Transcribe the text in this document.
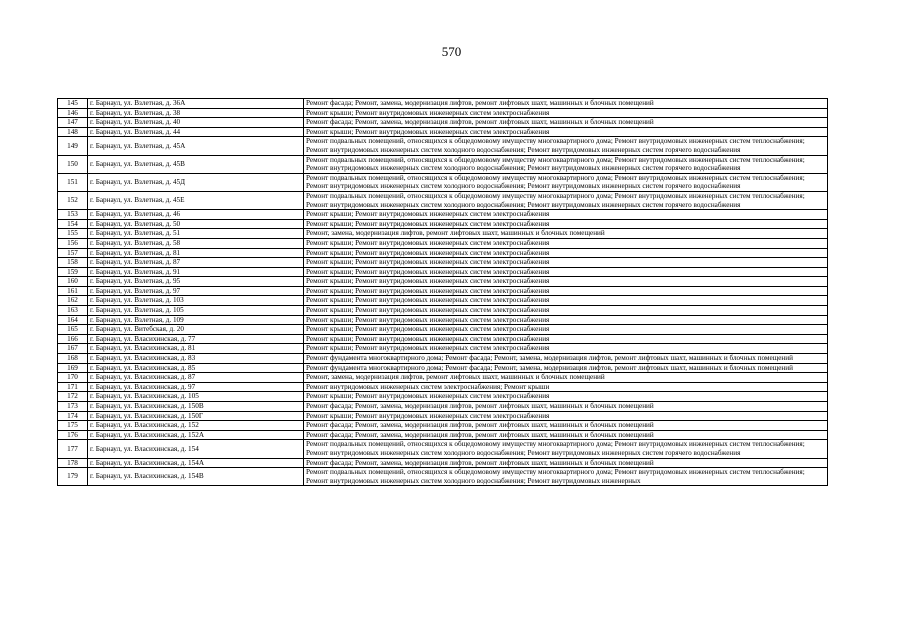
570
145	г. Барнаул, ул. Взлетная, д. 36А	Ремонт фасада; Ремонт, замена, модернизация лифтов, ремонт лифтовых шахт, машинных и блочных помещений
146	г. Барнаул, ул. Взлетная, д. 38	Ремонт крыши; Ремонт внутридомовых инженерных систем электроснабжения
147	г. Барнаул, ул. Взлетная, д. 40	Ремонт фасада; Ремонт, замена, модернизация лифтов, ремонт лифтовых шахт, машинных и блочных помещений
148	г. Барнаул, ул. Взлетная, д. 44	Ремонт крыши; Ремонт внутридомовых инженерных систем электроснабжения
149	г. Барнаул, ул. Взлетная, д. 45А	Ремонт подвальных помещений, относящихся к общедомовому имуществу многоквартирного дома; Ремонт внутридомовых инженерных систем теплоснабжения; Ремонт внутридомовых инженерных систем холодного водоснабжения; Ремонт внутридомовых инженерных систем горячего водоснабжения
150	г. Барнаул, ул. Взлетная, д. 45В	Ремонт подвальных помещений, относящихся к общедомовому имуществу многоквартирного дома; Ремонт внутридомовых инженерных систем теплоснабжения; Ремонт внутридомовых инженерных систем холодного водоснабжения; Ремонт внутридомовых инженерных систем горячего водоснабжения
151	г. Барнаул, ул. Взлетная, д. 45Д	Ремонт подвальных помещений, относящихся к общедомовому имуществу многоквартирного дома; Ремонт внутридомовых инженерных систем теплоснабжения; Ремонт внутридомовых инженерных систем холодного водоснабжения; Ремонт внутридомовых инженерных систем горячего водоснабжения
152	г. Барнаул, ул. Взлетная, д. 45Е	Ремонт подвальных помещений, относящихся к общедомовому имуществу многоквартирного дома; Ремонт внутридомовых инженерных систем теплоснабжения; Ремонт внутридомовых инженерных систем холодного водоснабжения; Ремонт внутридомовых инженерных систем горячего водоснабжения
153	г. Барнаул, ул. Взлетная, д. 46	Ремонт крыши; Ремонт внутридомовых инженерных систем электроснабжения
154	г. Барнаул, ул. Взлетная, д. 50	Ремонт крыши; Ремонт внутридомовых инженерных систем электроснабжения
155	г. Барнаул, ул. Взлетная, д. 51	Ремонт, замена, модернизация лифтов, ремонт лифтовых шахт, машинных и блочных помещений
156	г. Барнаул, ул. Взлетная, д. 58	Ремонт крыши; Ремонт внутридомовых инженерных систем электроснабжения
157	г. Барнаул, ул. Взлетная, д. 81	Ремонт крыши; Ремонт внутридомовых инженерных систем электроснабжения
158	г. Барнаул, ул. Взлетная, д. 87	Ремонт крыши; Ремонт внутридомовых инженерных систем электроснабжения
159	г. Барнаул, ул. Взлетная, д. 91	Ремонт крыши; Ремонт внутридомовых инженерных систем электроснабжения
160	г. Барнаул, ул. Взлетная, д. 95	Ремонт крыши; Ремонт внутридомовых инженерных систем электроснабжения
161	г. Барнаул, ул. Взлетная, д. 97	Ремонт крыши; Ремонт внутридомовых инженерных систем электроснабжения
162	г. Барнаул, ул. Взлетная, д. 103	Ремонт крыши; Ремонт внутридомовых инженерных систем электроснабжения
163	г. Барнаул, ул. Взлетная, д. 105	Ремонт крыши; Ремонт внутридомовых инженерных систем электроснабжения
164	г. Барнаул, ул. Взлетная, д. 109	Ремонт крыши; Ремонт внутридомовых инженерных систем электроснабжения
165	г. Барнаул, ул. Витебская, д. 20	Ремонт крыши; Ремонт внутридомовых инженерных систем электроснабжения
166	г. Барнаул, ул. Власихинская, д. 77	Ремонт крыши; Ремонт внутридомовых инженерных систем электроснабжения
167	г. Барнаул, ул. Власихинская, д. 81	Ремонт крыши; Ремонт внутридомовых инженерных систем электроснабжения
168	г. Барнаул, ул. Власихинская, д. 83	Ремонт фундамента многоквартирного дома; Ремонт фасада; Ремонт, замена, модернизация лифтов, ремонт лифтовых шахт, машинных и блочных помещений
169	г. Барнаул, ул. Власихинская, д. 85	Ремонт фундамента многоквартирного дома; Ремонт фасада; Ремонт, замена, модернизация лифтов, ремонт лифтовых шахт, машинных и блочных помещений
170	г. Барнаул, ул. Власихинская, д. 87	Ремонт, замена, модернизация лифтов, ремонт лифтовых шахт, машинных и блочных помещений
171	г. Барнаул, ул. Власихинская, д. 97	Ремонт внутридомовых инженерных систем электроснабжения; Ремонт крыши
172	г. Барнаул, ул. Власихинская, д. 105	Ремонт крыши; Ремонт внутридомовых инженерных систем электроснабжения
173	г. Барнаул, ул. Власихинская, д. 150В	Ремонт фасада; Ремонт, замена, модернизация лифтов, ремонт лифтовых шахт, машинных и блочных помещений
174	г. Барнаул, ул. Власихинская, д. 150Г	Ремонт крыши; Ремонт внутридомовых инженерных систем электроснабжения
175	г. Барнаул, ул. Власихинская, д. 152	Ремонт фасада; Ремонт, замена, модернизация лифтов, ремонт лифтовых шахт, машинных и блочных помещений
176	г. Барнаул, ул. Власихинская, д. 152А	Ремонт фасада; Ремонт, замена, модернизация лифтов, ремонт лифтовых шахт, машинных и блочных помещений
177	г. Барнаул, ул. Власихинская, д. 154	Ремонт подвальных помещений, относящихся к общедомовому имуществу многоквартирного дома; Ремонт внутридомовых инженерных систем теплоснабжения; Ремонт внутридомовых инженерных систем холодного водоснабжения; Ремонт внутридомовых инженерных систем горячего водоснабжения
178	г. Барнаул, ул. Власихинская, д. 154А	Ремонт фасада; Ремонт, замена, модернизация лифтов, ремонт лифтовых шахт, машинных и блочных помещений
179	г. Барнаул, ул. Власихинская, д. 154В	Ремонт подвальных помещений, относящихся к общедомовому имуществу многоквартирного дома; Ремонт внутридомовых инженерных систем теплоснабжения; Ремонт внутридомовых инженерных систем холодного водоснабжения; Ремонт внутридомовых инженерных
